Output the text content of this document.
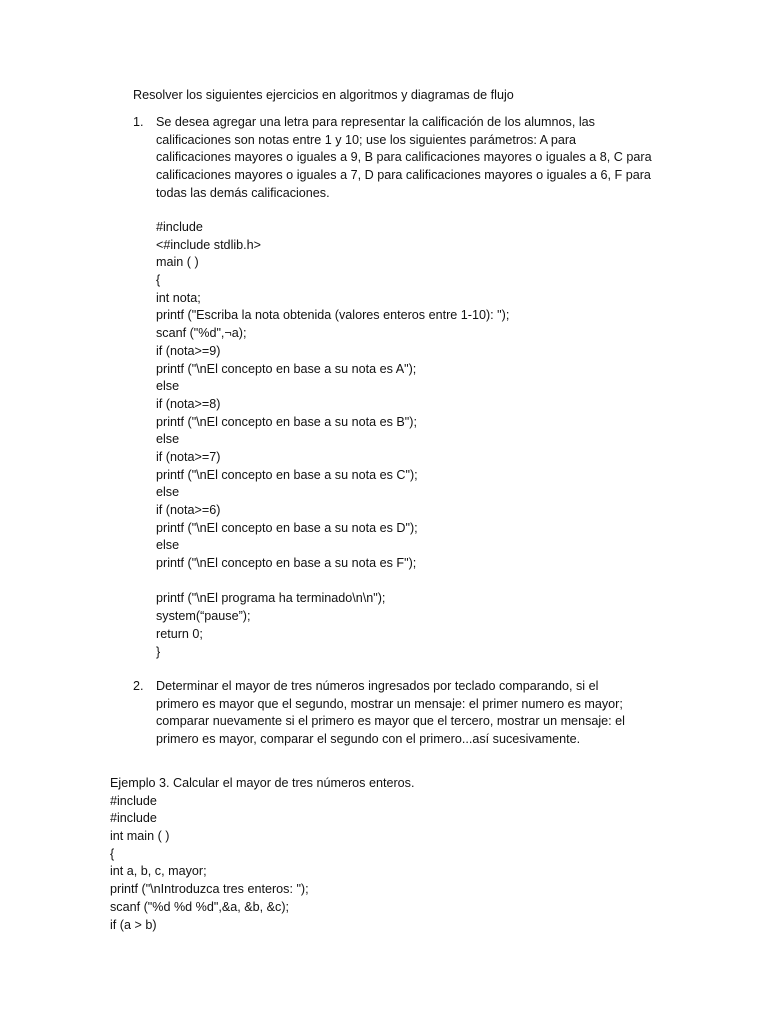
Resolver los siguientes ejercicios en algoritmos y diagramas de flujo
1. Se desea agregar una letra para representar la calificación de los alumnos, las
calificaciones son notas entre 1 y 10; use los siguientes parámetros: A para
calificaciones mayores o iguales a 9, B para calificaciones mayores o iguales a 8, C para
calificaciones mayores o iguales a 7, D para calificaciones mayores o iguales a 6, F para
todas las demás calificaciones.
#include
<#include stdlib.h>
main ( )
{
int nota;
printf ("Escriba la nota obtenida (valores enteros entre 1-10): ");
scanf ("%d",¬a);
if (nota>=9)
printf ("\nEl concepto en base a su nota es A");
else
if (nota>=8)
printf ("\nEl concepto en base a su nota es B");
else
if (nota>=7)
printf ("\nEl concepto en base a su nota es C");
else
if (nota>=6)
printf ("\nEl concepto en base a su nota es D");
else
printf ("\nEl concepto en base a su nota es F");
printf ("\nEl programa ha terminado\n\n");
system(“pause”);
return 0;
}
2. Determinar el mayor de tres números ingresados por teclado comparando, si el
primero es mayor que el segundo, mostrar un mensaje: el primer numero es mayor;
comparar nuevamente si el primero es mayor que el tercero, mostrar un mensaje: el
primero es mayor, comparar el segundo con el primero...así sucesivamente.
Ejemplo 3. Calcular el mayor de tres números enteros.
#include
#include
int main ( )
{
int a, b, c, mayor;
printf ("\nIntroduzca tres enteros: ");
scanf ("%d %d %d",&a, &b, &c);
if (a > b)
